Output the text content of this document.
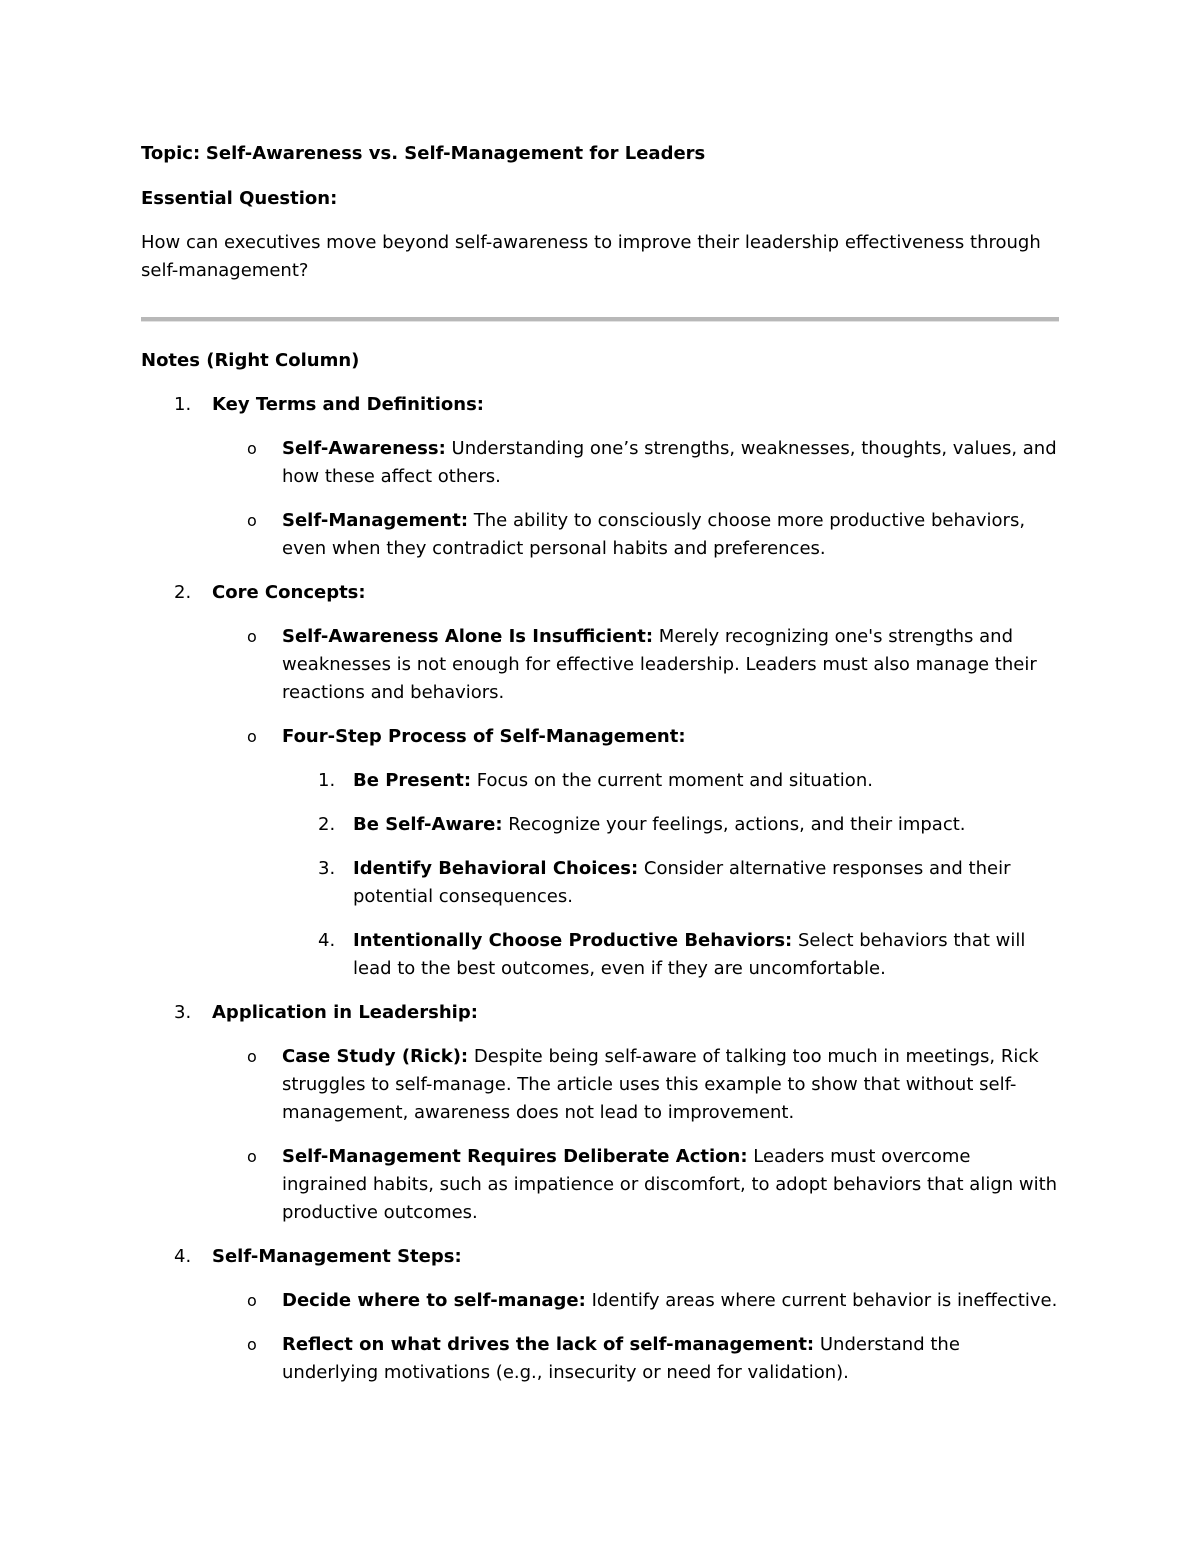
Topic: Self-Awareness vs. Self-Management for Leaders
Essential Question:
How can executives move beyond self-awareness to improve their leadership effectiveness through self-management?
Notes (Right Column)
1. Key Terms and Definitions:
o Self-Awareness: Understanding one’s strengths, weaknesses, thoughts, values, and how these affect others.
o Self-Management: The ability to consciously choose more productive behaviors, even when they contradict personal habits and preferences.
2. Core Concepts:
o Self-Awareness Alone Is Insufficient: Merely recognizing one's strengths and weaknesses is not enough for effective leadership. Leaders must also manage their reactions and behaviors.
o Four-Step Process of Self-Management:
1. Be Present: Focus on the current moment and situation.
2. Be Self-Aware: Recognize your feelings, actions, and their impact.
3. Identify Behavioral Choices: Consider alternative responses and their potential consequences.
4. Intentionally Choose Productive Behaviors: Select behaviors that will lead to the best outcomes, even if they are uncomfortable.
3. Application in Leadership:
o Case Study (Rick): Despite being self-aware of talking too much in meetings, Rick struggles to self-manage. The article uses this example to show that without self-management, awareness does not lead to improvement.
o Self-Management Requires Deliberate Action: Leaders must overcome ingrained habits, such as impatience or discomfort, to adopt behaviors that align with productive outcomes.
4. Self-Management Steps:
o Decide where to self-manage: Identify areas where current behavior is ineffective.
o Reflect on what drives the lack of self-management: Understand the underlying motivations (e.g., insecurity or need for validation).
